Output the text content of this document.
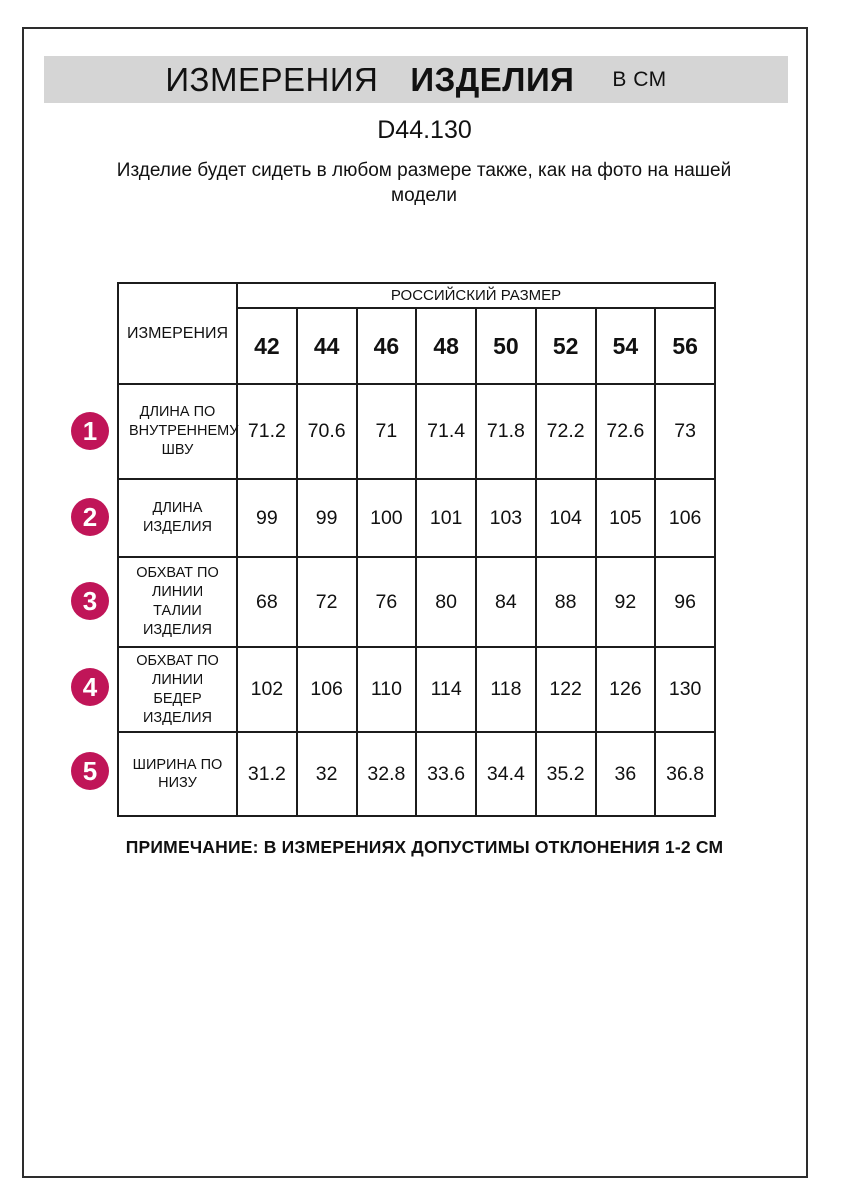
ИЗМЕРЕНИЯ ИЗДЕЛИЯ В СМ
D44.130
Изделие будет сидеть в любом размере также, как на фото на нашей модели
ИЗМЕРЕНИЯ	РОССИЙСКИЙ РАЗМЕР							
	42	44	46	48	50	52	54	56
ДЛИНА ПО ВНУТРЕННЕМУ ШВУ	71.2	70.6	71	71.4	71.8	72.2	72.6	73
ДЛИНА ИЗДЕЛИЯ	99	99	100	101	103	104	105	106
ОБХВАТ ПО ЛИНИИ ТАЛИИ ИЗДЕЛИЯ	68	72	76	80	84	88	92	96
ОБХВАТ ПО ЛИНИИ БЕДЕР ИЗДЕЛИЯ	102	106	110	114	118	122	126	130
ШИРИНА ПО НИЗУ	31.2	32	32.8	33.6	34.4	35.2	36	36.8
1
2
3
4
5
ПРИМЕЧАНИЕ: В ИЗМЕРЕНИЯХ ДОПУСТИМЫ ОТКЛОНЕНИЯ 1-2 СМ
